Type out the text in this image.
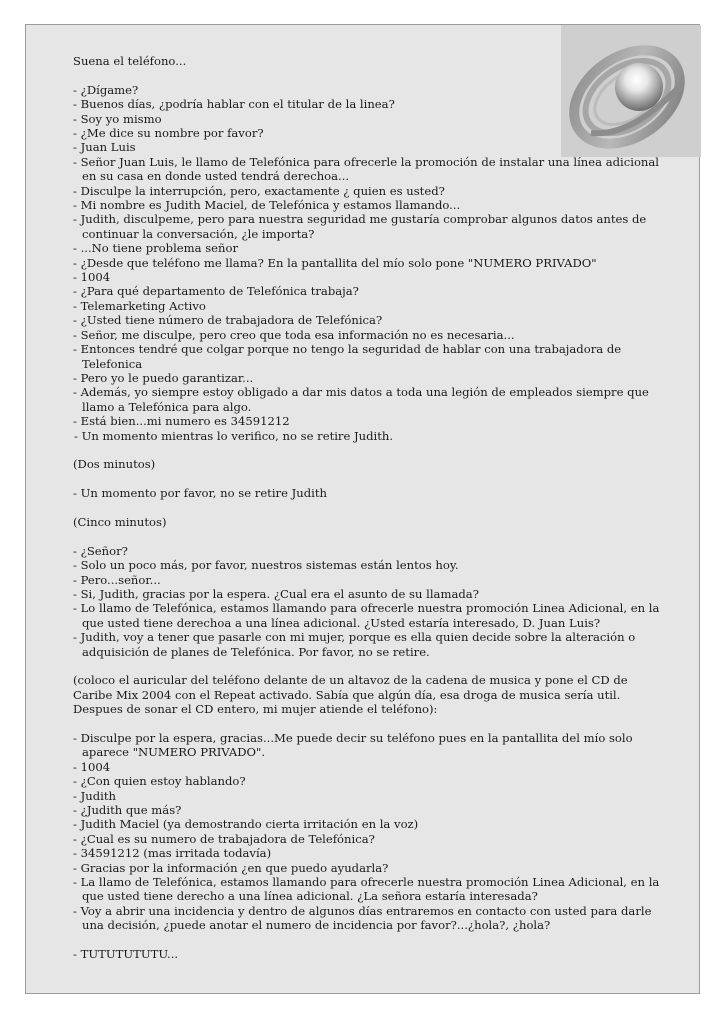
Suena el teléfono...

- ¿Dígame?

- Buenos días, ¿podría hablar con el titular de la linea?

- Soy yo mismo

- ¿Me dice su nombre por favor?

- Juan Luis

- Señor Juan Luis, le llamo de Telefónica para ofrecerle la promoción de instalar una línea adicional en su casa en donde usted tendrá derechoa...

- Disculpe la interrupción, pero, exactamente ¿ quien es usted?

- Mi nombre es Judith Maciel, de Telefónica y estamos llamando...

- Judith, disculpeme, pero para nuestra seguridad me gustaría comprobar algunos datos antes de continuar la conversación, ¿le importa?

- ...No tiene problema señor

- ¿Desde que teléfono me llama? En la pantallita del mío solo pone "NUMERO PRIVADO"

- 1004

- ¿Para qué departamento de Telefónica trabaja?

- Telemarketing Activo

- ¿Usted tiene número de trabajadora de Telefónica?

- Señor, me disculpe, pero creo que toda esa información no es necesaria...

- Entonces tendré que colgar porque no tengo la seguridad de hablar con una trabajadora de Telefonica

- Pero yo le puedo garantizar...

- Además, yo siempre estoy obligado a dar mis datos a toda una legión de empleados siempre que llamo a Telefónica para algo.

- Está bien...mi numero es 34591212

- Un momento mientras lo verifico, no se retire Judith.

(Dos minutos)

- Un momento por favor, no se retire Judith

(Cinco minutos)

- ¿Señor?

- Solo un poco más, por favor, nuestros sistemas están lentos hoy.

- Pero...señor...

- Si, Judith, gracias por la espera. ¿Cual era el asunto de su llamada?

- Lo llamo de Telefónica, estamos llamando para ofrecerle nuestra promoción Linea Adicional, en la que usted tiene derechoa a una línea adicional. ¿Usted estaría interesado, D. Juan Luis?

- Judith, voy a tener que pasarle con mi mujer, porque es ella quien decide sobre la alteración o adquisición de planes de Telefónica. Por favor, no se retire.

(coloco el auricular del teléfono delante de un altavoz de la cadena de musica y pone el CD de Caribe Mix 2004 con el Repeat activado. Sabía que algún día, esa droga de musica sería util. Despues de sonar el CD entero, mi mujer atiende el teléfono):

- Disculpe por la espera, gracias...Me puede decir su teléfono pues en la pantallita del mío solo aparece "NUMERO PRIVADO".

- 1004

- ¿Con quien estoy hablando?

- Judith

- ¿Judith que más?

- Judith Maciel (ya demostrando cierta irritación en la voz)

- ¿Cual es su numero de trabajadora de Telefónica?

- 34591212 (mas irritada todavía)

- Gracias por la información ¿en que puedo ayudarla?

- La llamo de Telefónica, estamos llamando para ofrecerle nuestra promoción Linea Adicional, en la que usted tiene derecho a una línea adicional. ¿La señora estaría interesada?

- Voy a abrir una incidencia y dentro de algunos días entraremos en contacto con usted para darle una decisión, ¿puede anotar el numero de incidencia por favor?...¿hola?, ¿hola?

- TUTUTUTUTU...
